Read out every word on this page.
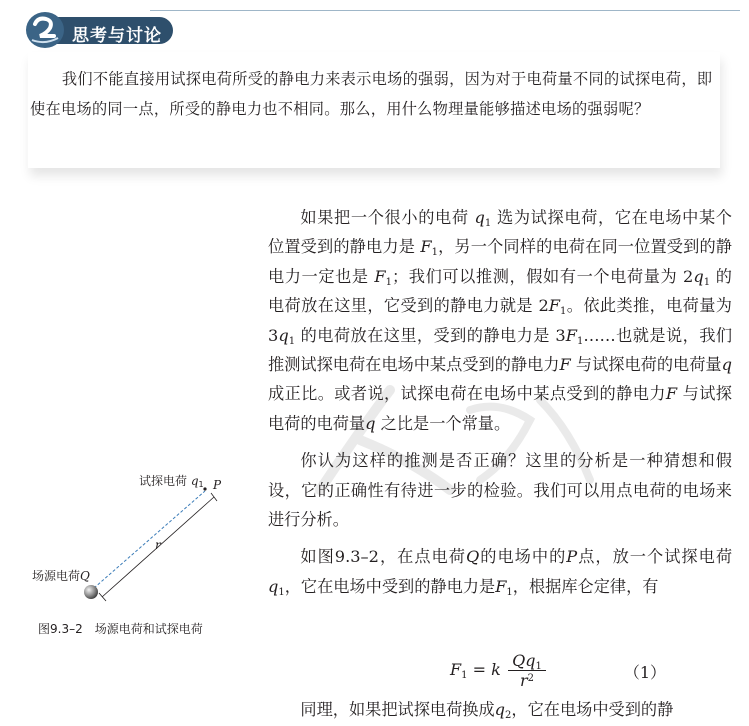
思考与讨论

我们不能直接用试探电荷所受的静电力来表示电场的强弱，因为对于电荷量不同的试探电荷，即使在电场的同一点，所受的静电力也不相同。那么，用什么物理量能够描述电场的强弱呢？

如果把一个很小的电荷 $q_1$ 选为试探电荷，它在电场中某个位置受到的静电力是 $F_1$，另一个同样的电荷在同一位置受到的静电力一定也是 $F_1$；我们可以推测，假如有一个电荷量为 $2q_1$ 的电荷放在这里，它受到的静电力就是 $2F_1$。依此类推，电荷量为 $3q_1$ 的电荷放在这里，受到的静电力是 $3F_1\dots\dots$也就是说，我们推测试探电荷在电场中某点受到的静电力F 与试探电荷的电荷量q 成正比。或者说，试探电荷在电场中某点受到的静电力F 与试探电荷的电荷量q 之比是一个常量。

你认为这样的推测是否正确？这里的分析是一种猜想和假设，它的正确性有待进一步的检验。我们可以用点电荷的电场来进行分析。

如图9.3–2，在点电荷Q的电场中的P点，放一个试探电荷$q_1$，它在电场中受到的静电力是$F_1$，根据库仑定律，有

$F_1 = k$ $Qq_1$
$r^2$	（1）
同理，如果把试探电荷换成$q_2$，它在电场中受到的静
试探电荷 $q_1$ P
r
场源电荷Q
图9.3–2　场源电荷和试探电荷
